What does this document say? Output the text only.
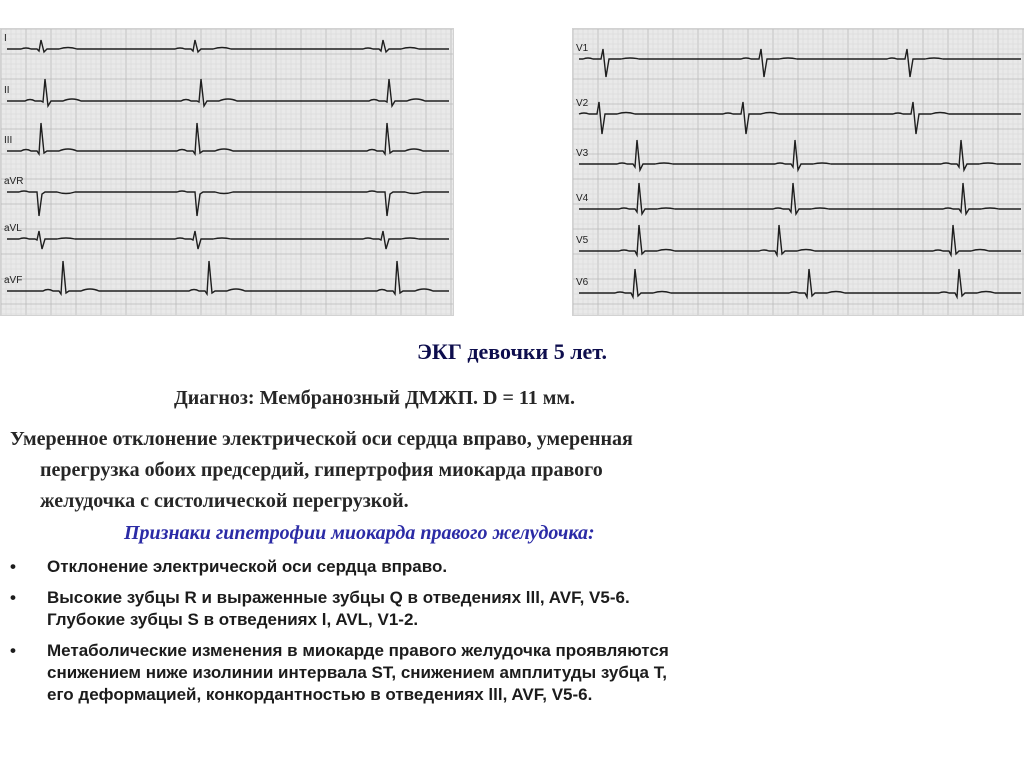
I
II
III
aVR
aVL
aVF
V1
V2
V3
V4
V5
V6
ЭКГ девочки 5 лет.
Диагноз: Мембранозный ДМЖП. D = 11 мм.
Умеренное отклонение электрической оси сердца вправо, умеренная
перегрузка обоих предсердий, гипертрофия миокарда правого
желудочка с систолической перегрузкой.
Признаки гипетрофии миокарда правого желудочка:
• Отклонение электрической оси сердца вправо.
• Высокие зубцы R и выраженные зубцы Q в отведениях lll, AVF, V5-6.
Глубокие зубцы S в отведениях l, AVL, V1-2.
• Метаболические изменения в миокарде правого желудочка проявляются
снижением ниже изолинии интервала ST, снижением амплитуды зубца T,
его деформацией, конкордантностью в отведениях lll, AVF, V5-6.
